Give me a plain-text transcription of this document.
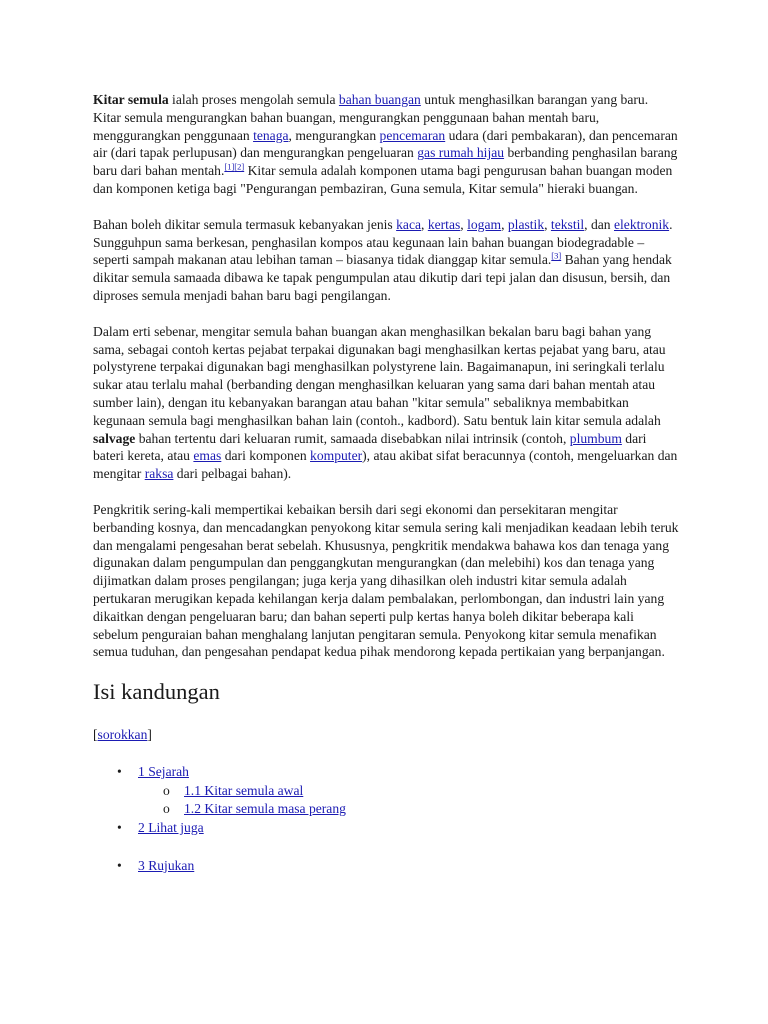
Kitar semula ialah proses mengolah semula bahan buangan untuk menghasilkan barangan yang baru. Kitar semula mengurangkan bahan buangan, mengurangkan penggunaan bahan mentah baru, menggurangkan penggunaan tenaga, mengurangkan pencemaran udara (dari pembakaran), dan pencemaran air (dari tapak perlupusan) dan mengurangkan pengeluaran gas rumah hijau berbanding penghasilan barang baru dari bahan mentah.[1][2] Kitar semula adalah komponen utama bagi pengurusan bahan buangan moden dan komponen ketiga bagi "Pengurangan pembaziran, Guna semula, Kitar semula" hieraki buangan.

Bahan boleh dikitar semula termasuk kebanyakan jenis kaca, kertas, logam, plastik, tekstil, dan elektronik. Sungguhpun sama berkesan, penghasilan kompos atau kegunaan lain bahan buangan biodegradable – seperti sampah makanan atau lebihan taman – biasanya tidak dianggap kitar semula.[3] Bahan yang hendak dikitar semula samaada dibawa ke tapak pengumpulan atau dikutip dari tepi jalan dan disusun, bersih, dan diproses semula menjadi bahan baru bagi pengilangan.

Dalam erti sebenar, mengitar semula bahan buangan akan menghasilkan bekalan baru bagi bahan yang sama, sebagai contoh kertas pejabat terpakai digunakan bagi menghasilkan kertas pejabat yang baru, atau polystyrene terpakai digunakan bagi menghasilkan polystyrene lain. Bagaimanapun, ini seringkali terlalu sukar atau terlalu mahal (berbanding dengan menghasilkan keluaran yang sama dari bahan mentah atau sumber lain), dengan itu kebanyakan barangan atau bahan "kitar semula" sebaliknya membabitkan kegunaan semula bagi menghasilkan bahan lain (contoh., kadbord). Satu bentuk lain kitar semula adalah salvage bahan tertentu dari keluaran rumit, samaada disebabkan nilai intrinsik (contoh, plumbum dari bateri kereta, atau emas dari komponen komputer), atau akibat sifat beracunnya (contoh, mengeluarkan dan mengitar raksa dari pelbagai bahan).

Pengkritik sering-kali mempertikai kebaikan bersih dari segi ekonomi dan persekitaran mengitar berbanding kosnya, dan mencadangkan penyokong kitar semula sering kali menjadikan keadaan lebih teruk dan mengalami pengesahan berat sebelah. Khususnya, pengkritik mendakwa bahawa kos dan tenaga yang digunakan dalam pengumpulan dan penggangkutan mengurangkan (dan melebihi) kos dan tenaga yang dijimatkan dalam proses pengilangan; juga kerja yang dihasilkan oleh industri kitar semula adalah pertukaran merugikan kepada kehilangan kerja dalam pembalakan, perlombongan, dan industri lain yang dikaitkan dengan pengeluaran baru; dan bahan seperti pulp kertas hanya boleh dikitar beberapa kali sebelum penguraian bahan menghalang lanjutan pengitaran semula. Penyokong kitar semula menafikan semua tuduhan, dan pengesahan pendapat kedua pihak mendorong kepada pertikaian yang berpanjangan.

Isi kandungan
[sorokkan]
• 1 Sejarah
o 1.1 Kitar semula awal
o 1.2 Kitar semula masa perang
• 2 Lihat juga
• 3 Rujukan
